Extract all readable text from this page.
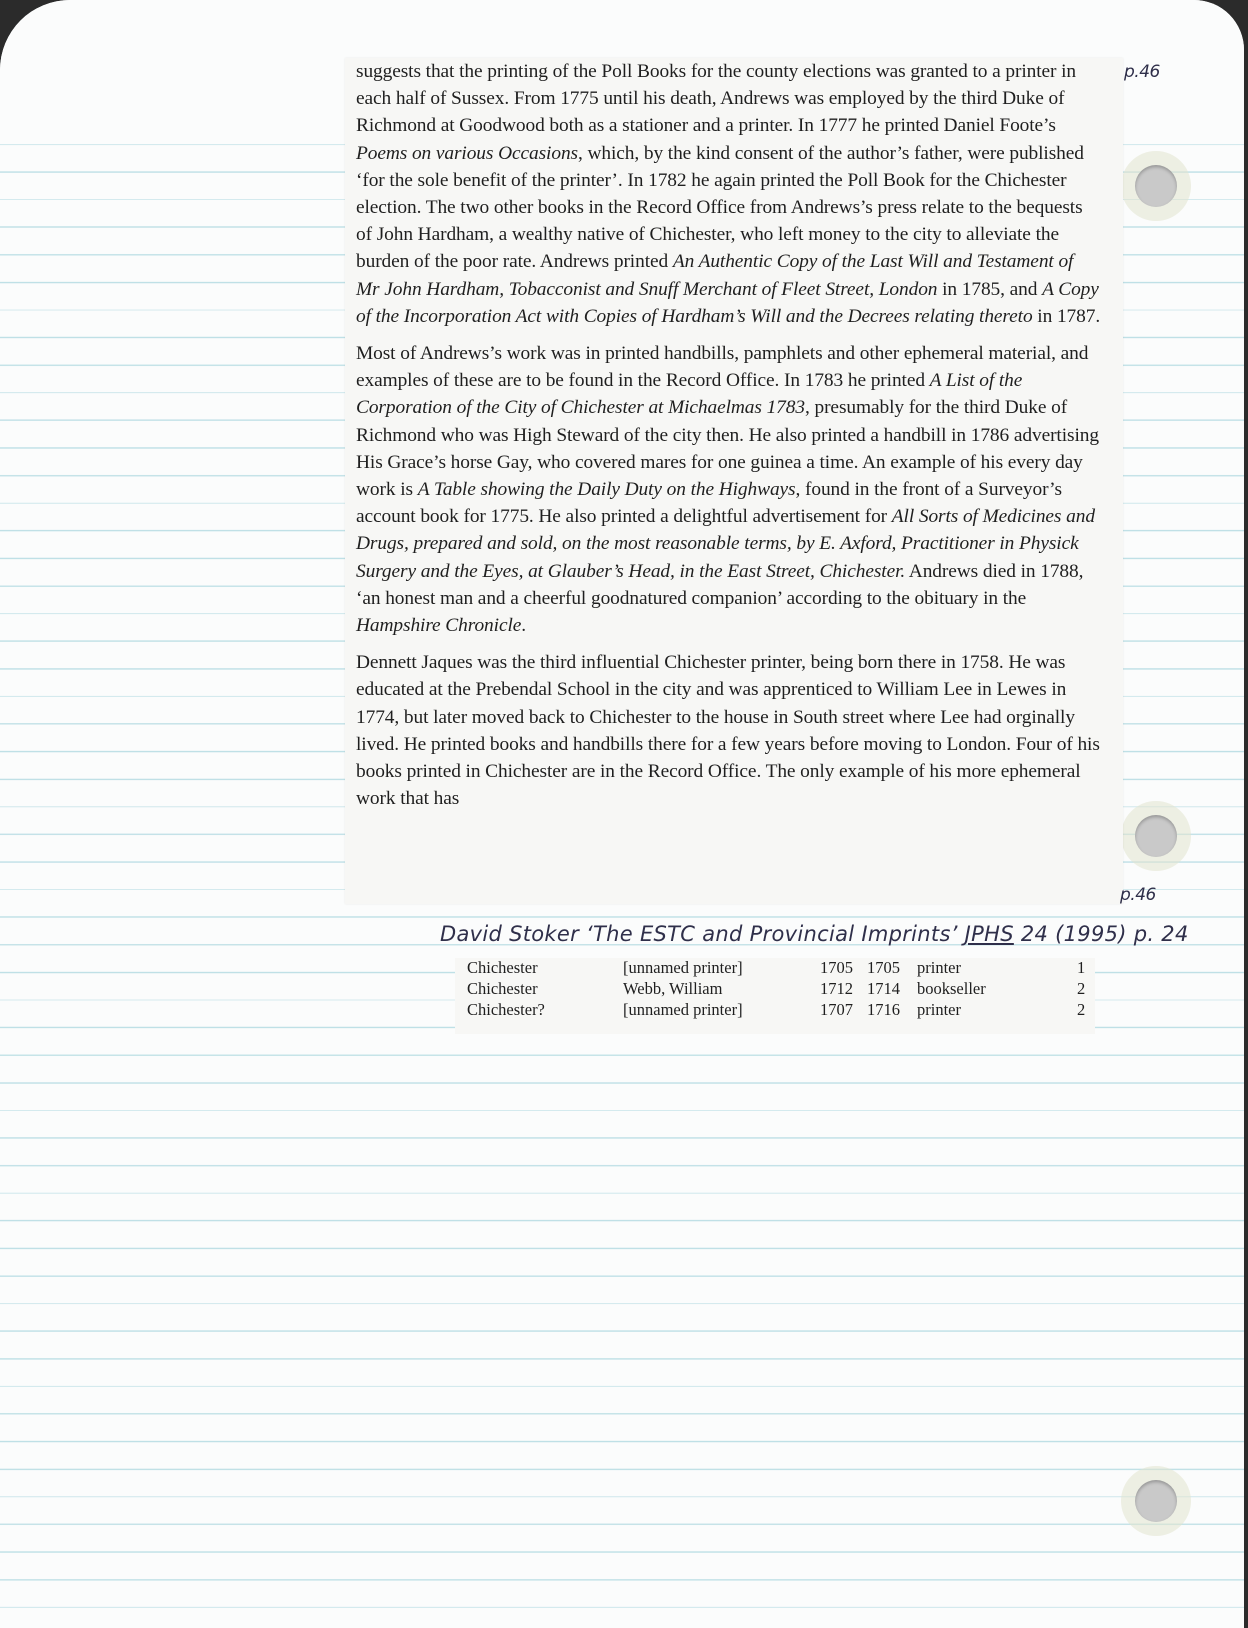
suggests that the printing of the Poll Books for the county elections was granted to a printer in each half of Sussex. From 1775 until his death, Andrews was employed by the third Duke of Richmond at Goodwood both as a stationer and a printer. In 1777 he printed Daniel Foote’s Poems on various Occasions, which, by the kind consent of the author’s father, were published ‘for the sole benefit of the printer’. In 1782 he again printed the Poll Book for the Chichester election. The two other books in the Record Office from Andrews’s press relate to the bequests of John Hardham, a wealthy native of Chichester, who left money to the city to alleviate the burden of the poor rate. Andrews printed An Authentic Copy of the Last Will and Testament of Mr John Hardham, Tobacconist and Snuff Merchant of Fleet Street, London in 1785, and A Copy of the Incorporation Act with Copies of Hardham’s Will and the Decrees relating thereto in 1787.

Most of Andrews’s work was in printed handbills, pamphlets and other ephemeral material, and examples of these are to be found in the Record Office. In 1783 he printed A List of the Corporation of the City of Chichester at Michaelmas 1783, presumably for the third Duke of Richmond who was High Steward of the city then. He also printed a handbill in 1786 advertising His Grace’s horse Gay, who covered mares for one guinea a time. An example of his every day work is A Table showing the Daily Duty on the Highways, found in the front of a Surveyor’s account book for 1775. He also printed a delightful advertisement for All Sorts of Medicines and Drugs, prepared and sold, on the most reasonable terms, by E. Axford, Practitioner in Physick Surgery and the Eyes, at Glauber’s Head, in the East Street, Chichester. Andrews died in 1788, ‘an honest man and a cheerful goodnatured companion’ according to the obituary in the Hampshire Chronicle.

Dennett Jaques was the third influential Chichester printer, being born there in 1758. He was educated at the Prebendal School in the city and was apprenticed to William Lee in Lewes in 1774, but later moved back to Chichester to the house in South street where Lee had orginally lived. He printed books and handbills there for a few years before moving to London. Four of his books printed in Chichester are in the Record Office. The only example of his more ephemeral work that has

p.46
p.46
David Stoker ‘The ESTC and Provincial Imprints’ JPHS 24 (1995) p. 24
Chichester	[unnamed printer]	1705 1705 printer	1
Chichester	Webb, William	1712 1714 bookseller	2
Chichester?	[unnamed printer]	1707 1716 printer	2
